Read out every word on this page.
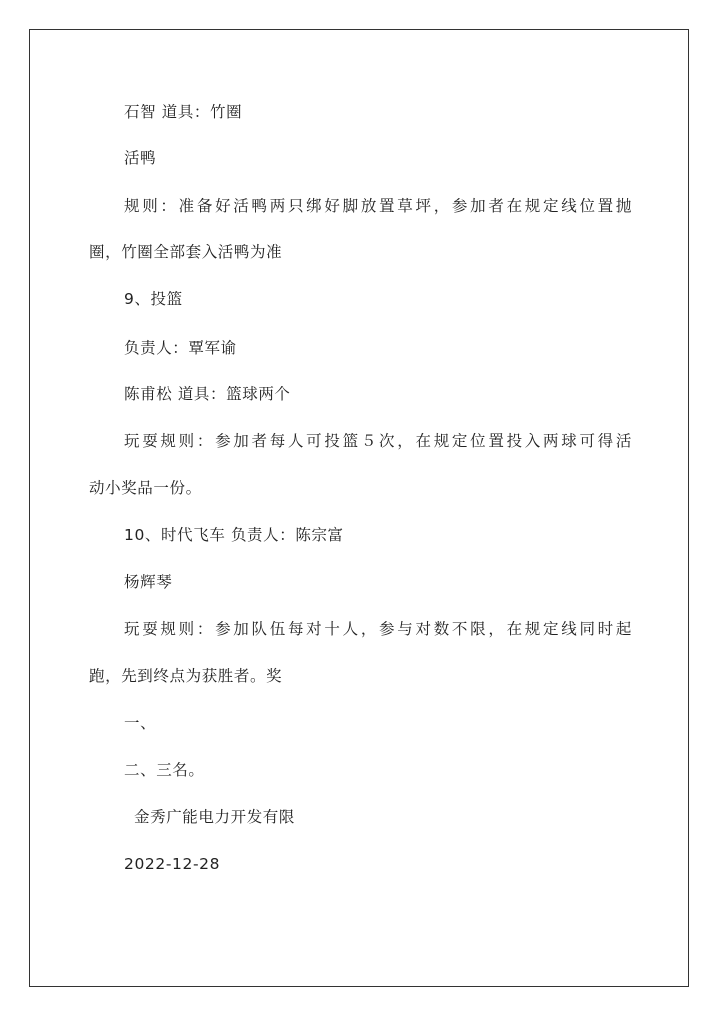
石智 道具：竹圈
活鸭
规则：准备好活鸭两只绑好脚放置草坪，参加者在规定线位置抛
圈，竹圈全部套入活鸭为准
9、投篮
负责人：覃军谕
陈甫松 道具：篮球两个
玩耍规则：参加者每人可投篮５次，在规定位置投入两球可得活
动小奖品一份。
10、时代飞车 负责人：陈宗富
杨辉琴
玩耍规则：参加队伍每对十人，参与对数不限，在规定线同时起
跑，先到终点为获胜者。奖
一、
二、三名。
金秀广能电力开发有限
2022-12-28
